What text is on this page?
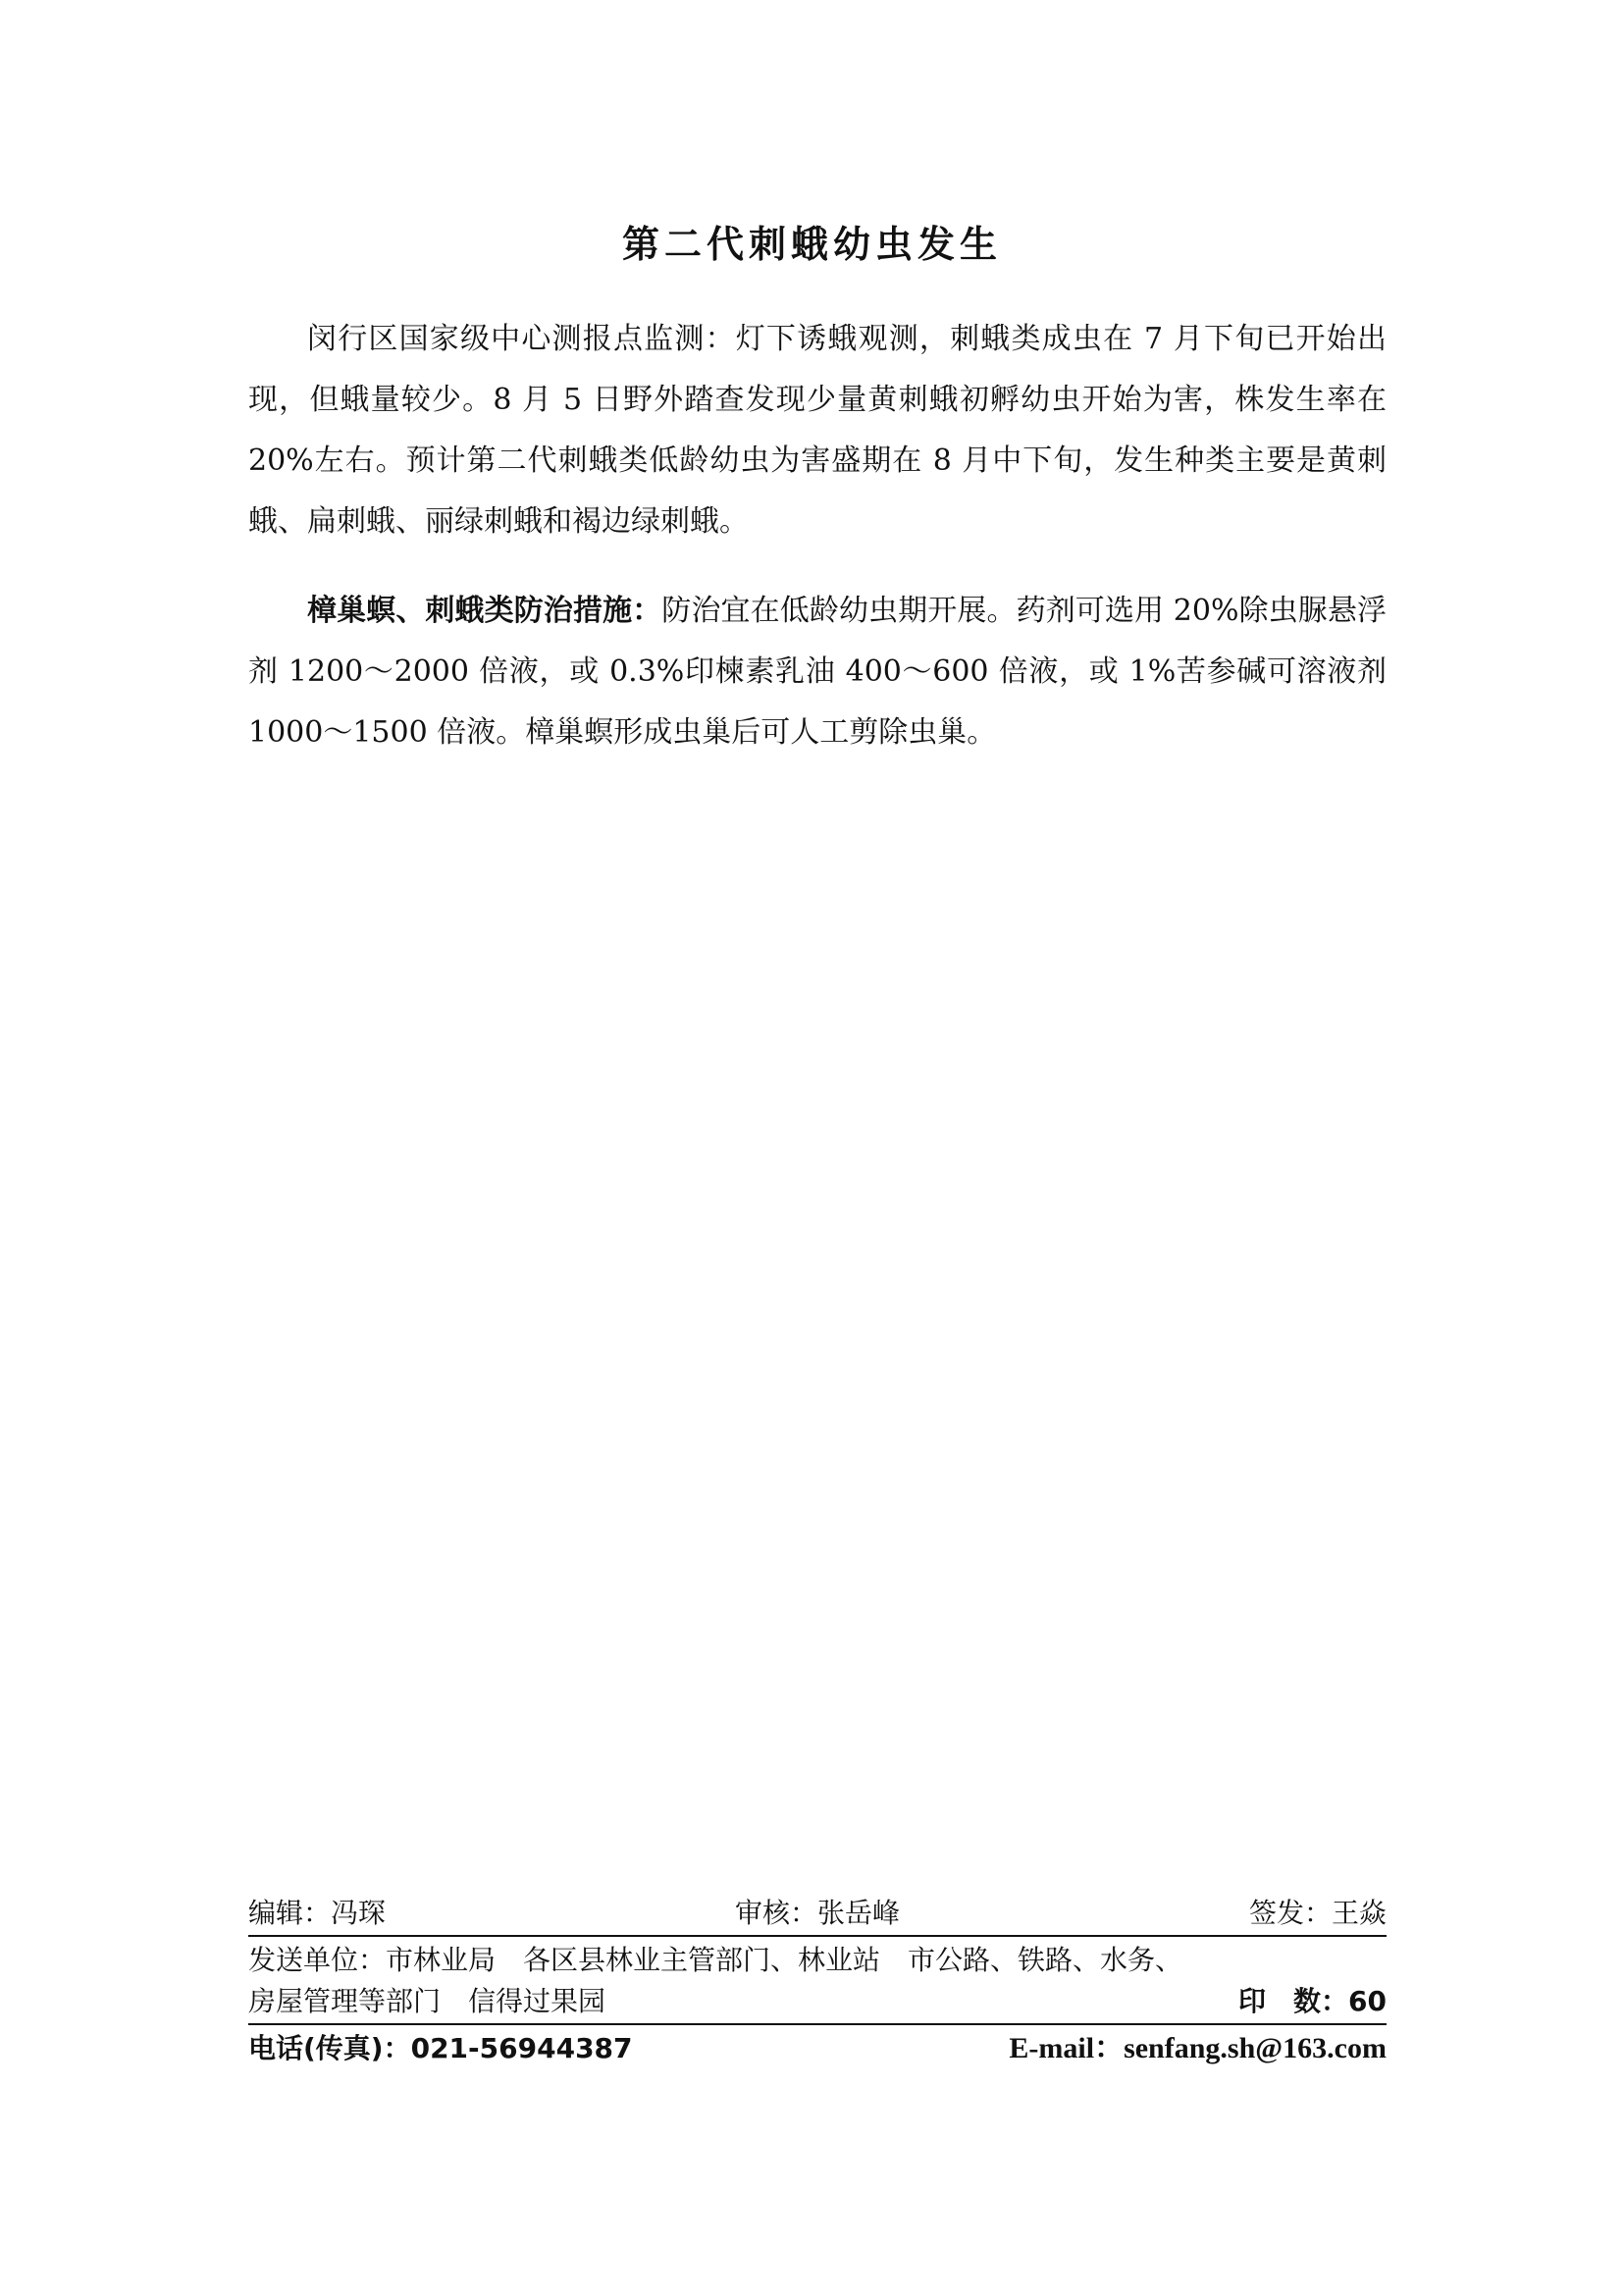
第二代刺蛾幼虫发生

闵行区国家级中心测报点监测：灯下诱蛾观测，刺蛾类成虫在 7 月下旬已开始出现，但蛾量较少。8 月 5 日野外踏查发现少量黄刺蛾初孵幼虫开始为害，株发生率在 20%左右。预计第二代刺蛾类低龄幼虫为害盛期在 8 月中下旬，发生种类主要是黄刺蛾、扁刺蛾、丽绿刺蛾和褐边绿刺蛾。

樟巢螟、刺蛾类防治措施：防治宜在低龄幼虫期开展。药剂可选用 20%除虫脲悬浮剂 1200～2000 倍液，或 0.3%印楝素乳油 400～600 倍液，或 1%苦参碱可溶液剂 1000～1500 倍液。樟巢螟形成虫巢后可人工剪除虫巢。

编辑：冯琛	审核：张岳峰	签发：王焱
发送单位：市林业局　各区县林业主管部门、林业站　市公路、铁路、水务、
房屋管理等部门　信得过果园	印　数：60
电话(传真)：021-56944387	E-mail：senfang.sh@163.com
